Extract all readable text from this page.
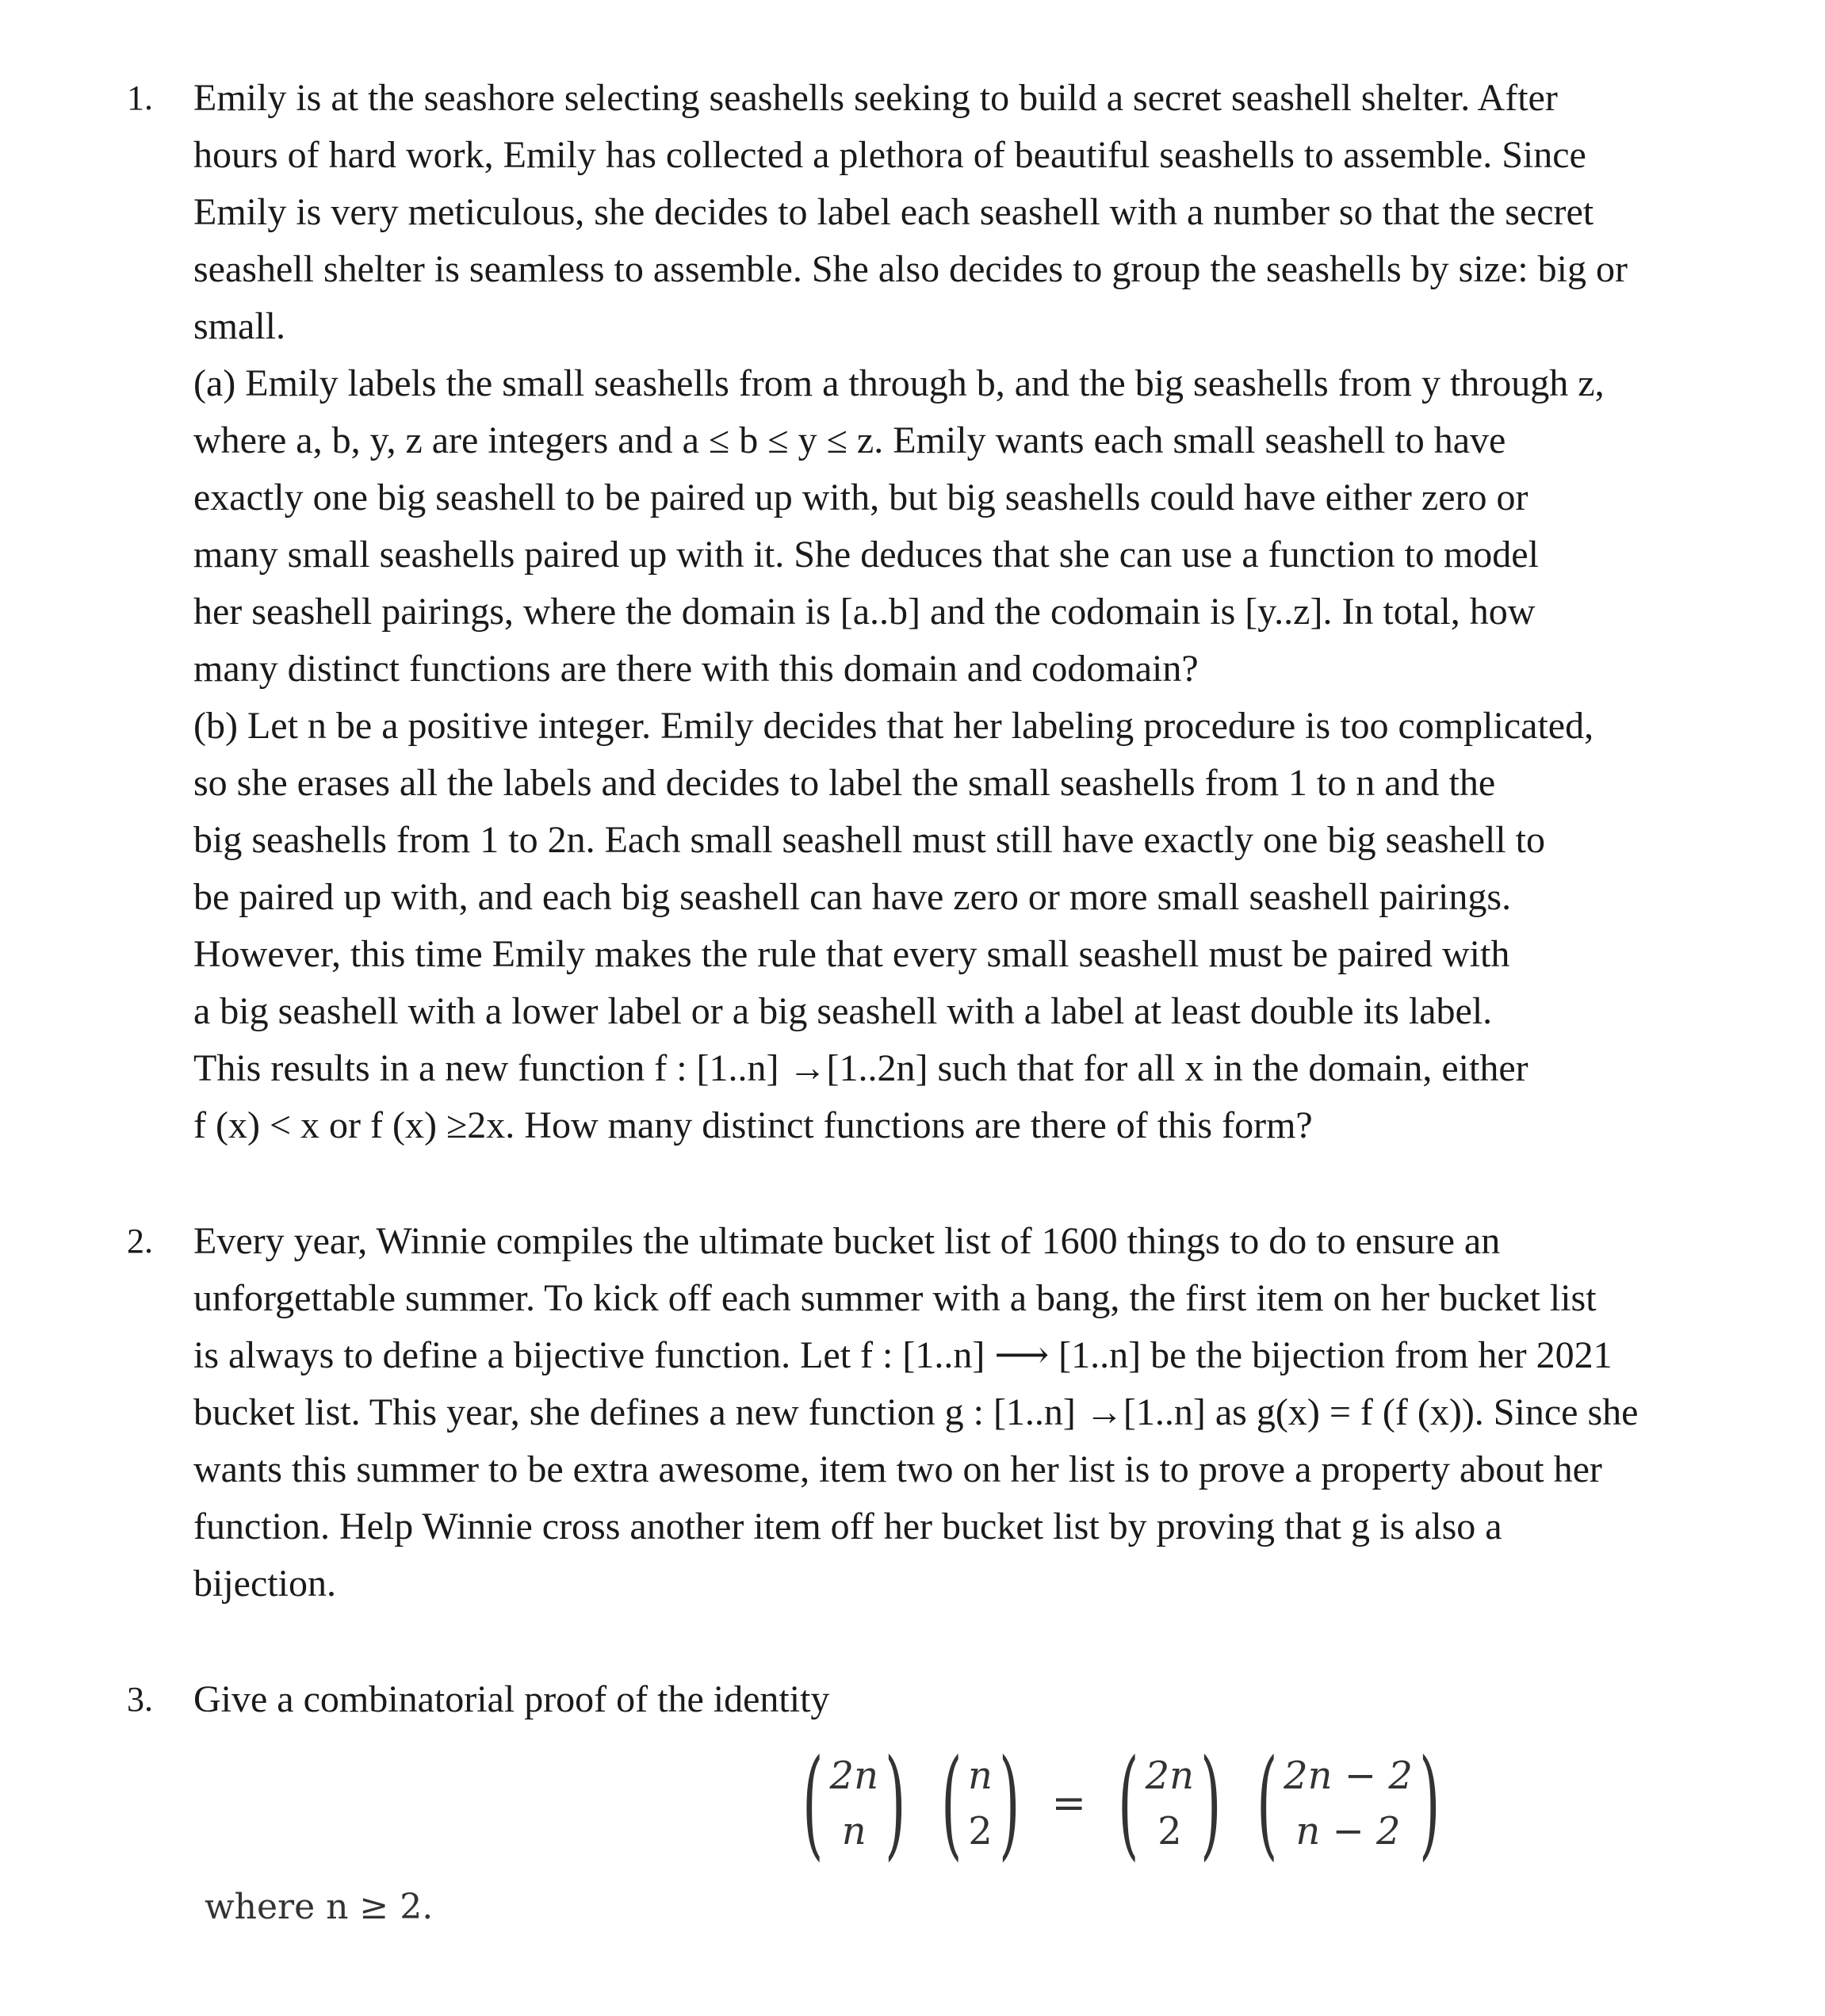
1. Emily is at the seashore selecting seashells seeking to build a secret seashell shelter. After
hours of hard work, Emily has collected a plethora of beautiful seashells to assemble. Since
Emily is very meticulous, she decides to label each seashell with a number so that the secret
seashell shelter is seamless to assemble. She also decides to group the seashells by size: big or
small.
(a) Emily labels the small seashells from a through b, and the big seashells from y through z,
where a, b, y, z are integers and a ≤ b ≤ y ≤ z. Emily wants each small seashell to have
exactly one big seashell to be paired up with, but big seashells could have either zero or
many small seashells paired up with it. She deduces that she can use a function to model
her seashell pairings, where the domain is [a..b] and the codomain is [y..z]. In total, how
many distinct functions are there with this domain and codomain?
(b) Let n be a positive integer. Emily decides that her labeling procedure is too complicated,
so she erases all the labels and decides to label the small seashells from 1 to n and the
big seashells from 1 to 2n. Each small seashell must still have exactly one big seashell to
be paired up with, and each big seashell can have zero or more small seashell pairings.
However, this time Emily makes the rule that every small seashell must be paired with
a big seashell with a lower label or a big seashell with a label at least double its label.
This results in a new function f : [1..n] →[1..2n] such that for all x in the domain, either
f (x) < x or f (x) ≥2x. How many distinct functions are there of this form?
2. Every year, Winnie compiles the ultimate bucket list of 1600 things to do to ensure an
unforgettable summer. To kick off each summer with a bang, the first item on her bucket list
is always to define a bijective function. Let f : [1..n] ⟶ [1..n] be the bijection from her 2021
bucket list. This year, she defines a new function g : [1..n] →[1..n] as g(x) = f (f (x)). Since she
wants this summer to be extra awesome, item two on her list is to prove a property about her
function. Help Winnie cross another item off her bucket list by proving that g is also a
bijection.
3. Give a combinatorial proof of the identity
( 2n
n ) ( n
2 ) = ( 2n
2 ) ( 2n − 2
n − 2 )
where n ≥ 2.
